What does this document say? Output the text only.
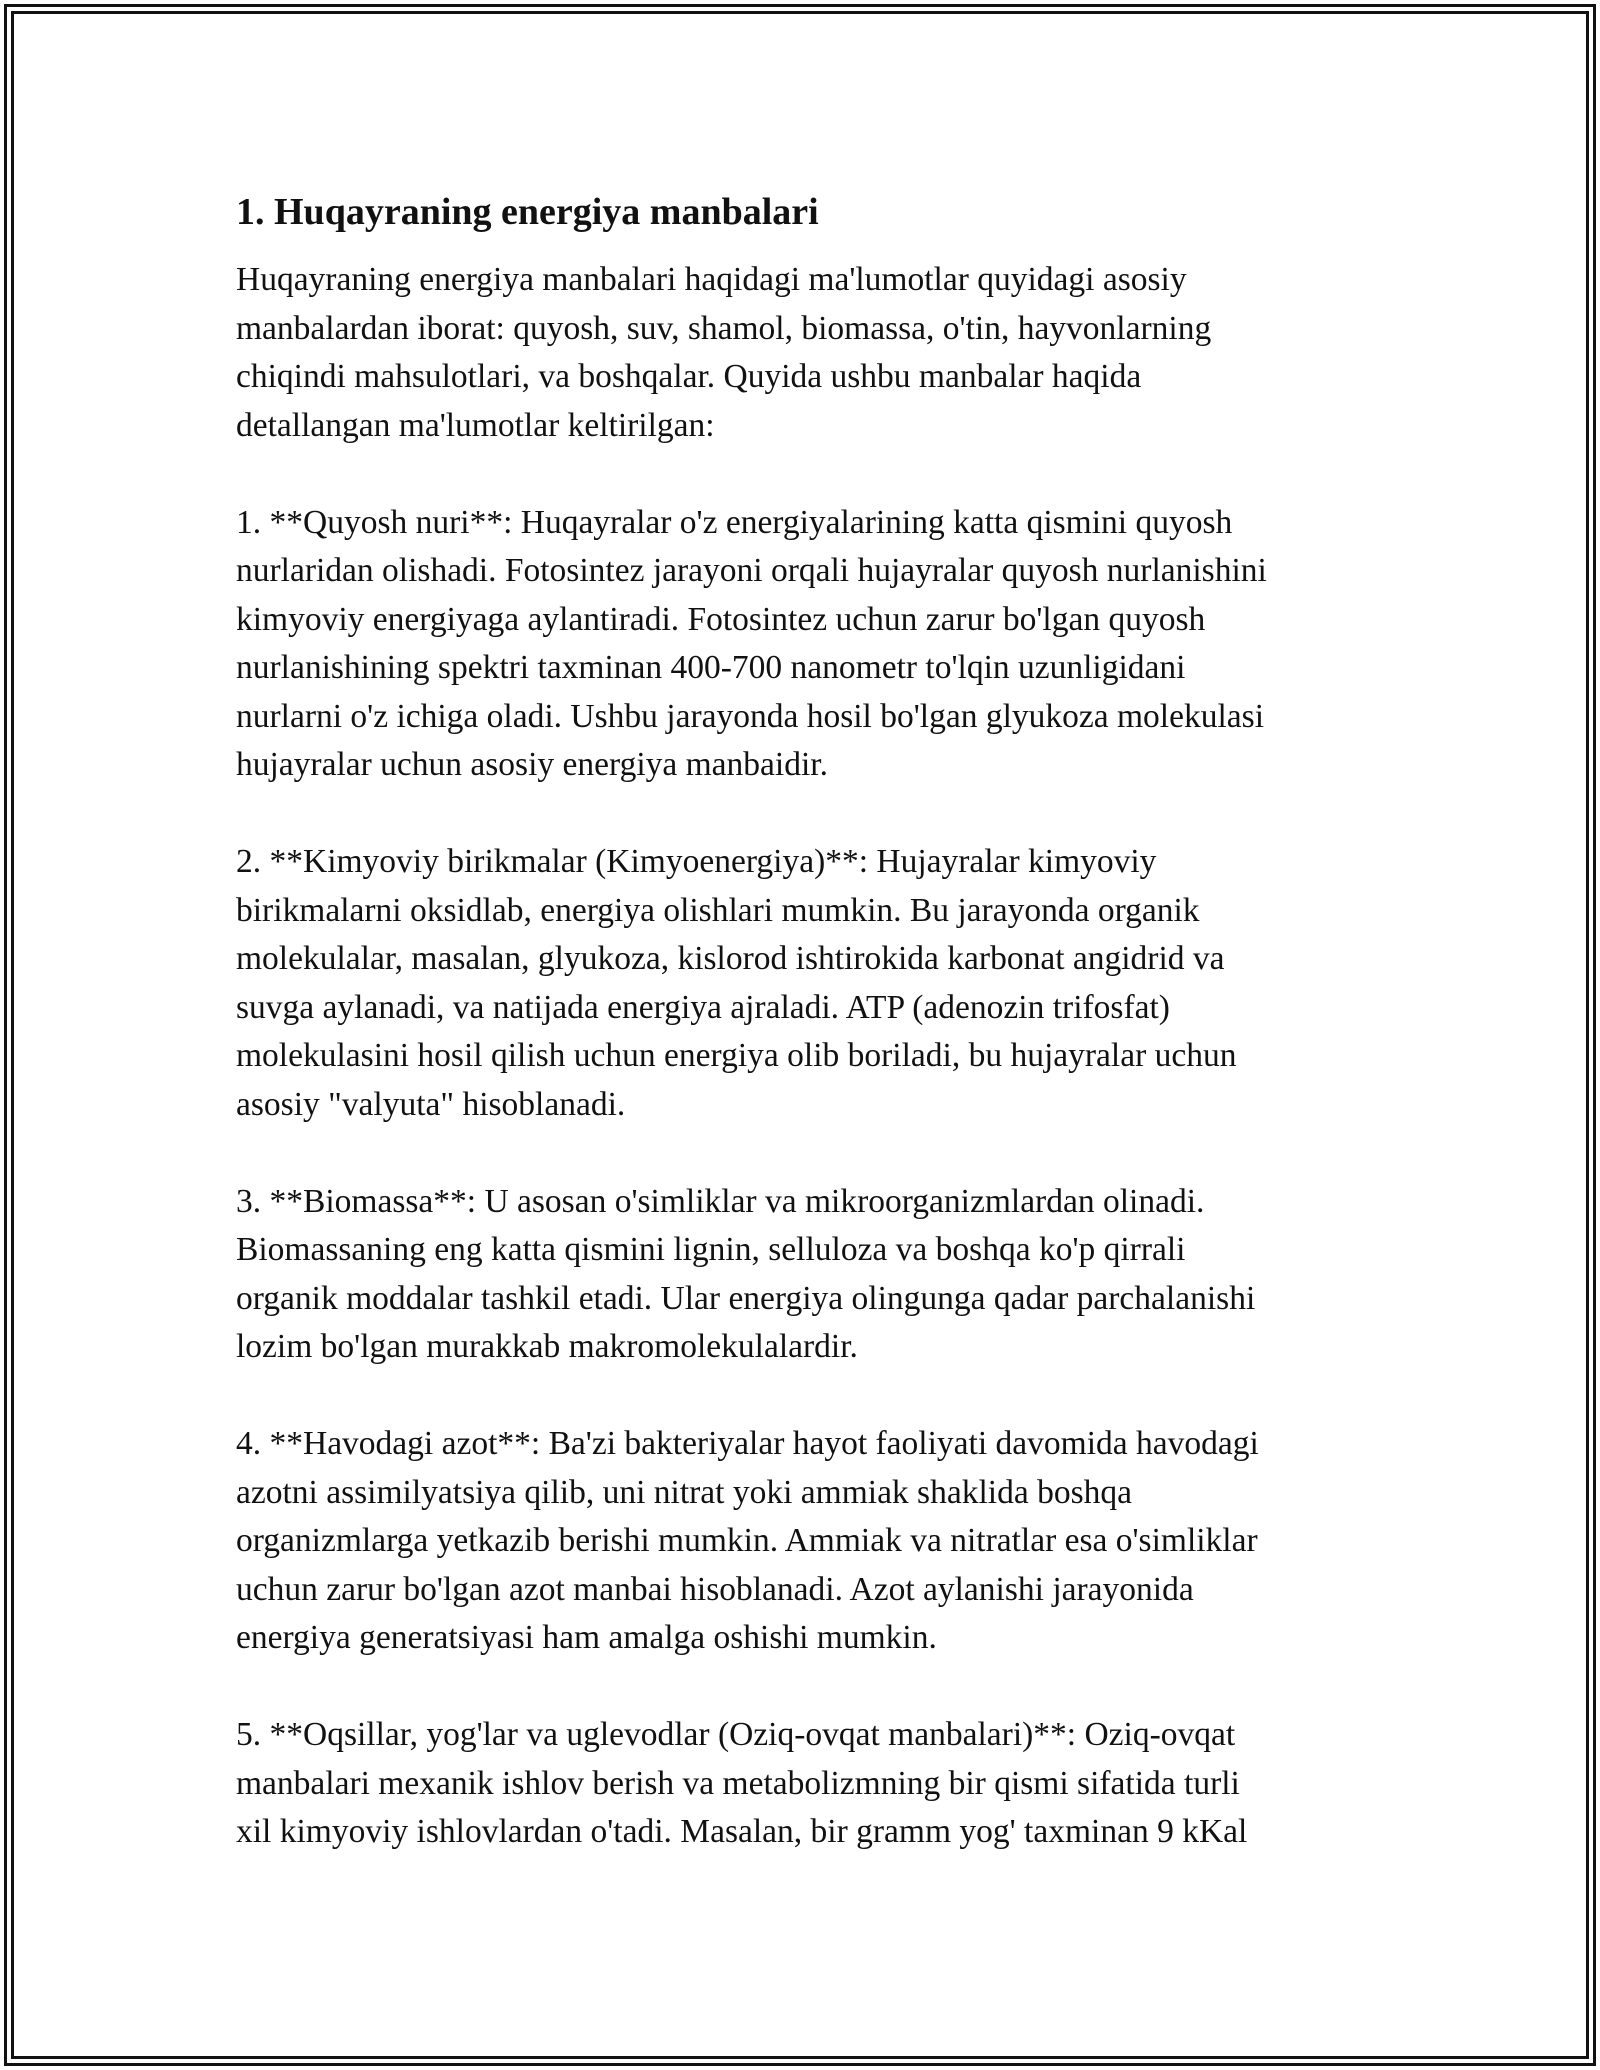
1. Huqayraning energiya manbalari
Huqayraning energiya manbalari haqidagi ma'lumotlar quyidagi asosiy
manbalardan iborat: quyosh, suv, shamol, biomassa, o'tin, hayvonlarning
chiqindi mahsulotlari, va boshqalar. Quyida ushbu manbalar haqida
detallangan ma'lumotlar keltirilgan:
1. **Quyosh nuri**: Huqayralar o'z energiyalarining katta qismini quyosh
nurlaridan olishadi. Fotosintez jarayoni orqali hujayralar quyosh nurlanishini
kimyoviy energiyaga aylantiradi. Fotosintez uchun zarur bo'lgan quyosh
nurlanishining spektri taxminan 400-700 nanometr to'lqin uzunligidani
nurlarni o'z ichiga oladi. Ushbu jarayonda hosil bo'lgan glyukoza molekulasi
hujayralar uchun asosiy energiya manbaidir.
2. **Kimyoviy birikmalar (Kimyoenergiya)**: Hujayralar kimyoviy
birikmalarni oksidlab, energiya olishlari mumkin. Bu jarayonda organik
molekulalar, masalan, glyukoza, kislorod ishtirokida karbonat angidrid va
suvga aylanadi, va natijada energiya ajraladi. ATP (adenozin trifosfat)
molekulasini hosil qilish uchun energiya olib boriladi, bu hujayralar uchun
asosiy "valyuta" hisoblanadi.
3. **Biomassa**: U asosan o'simliklar va mikroorganizmlardan olinadi.
Biomassaning eng katta qismini lignin, selluloza va boshqa ko'p qirrali
organik moddalar tashkil etadi. Ular energiya olingunga qadar parchalanishi
lozim bo'lgan murakkab makromolekulalardir.
4. **Havodagi azot**: Ba'zi bakteriyalar hayot faoliyati davomida havodagi
azotni assimilyatsiya qilib, uni nitrat yoki ammiak shaklida boshqa
organizmlarga yetkazib berishi mumkin. Ammiak va nitratlar esa o'simliklar
uchun zarur bo'lgan azot manbai hisoblanadi. Azot aylanishi jarayonida
energiya generatsiyasi ham amalga oshishi mumkin.
5. **Oqsillar, yog'lar va uglevodlar (Oziq-ovqat manbalari)**: Oziq-ovqat
manbalari mexanik ishlov berish va metabolizmning bir qismi sifatida turli
xil kimyoviy ishlovlardan o'tadi. Masalan, bir gramm yog' taxminan 9 kKal
